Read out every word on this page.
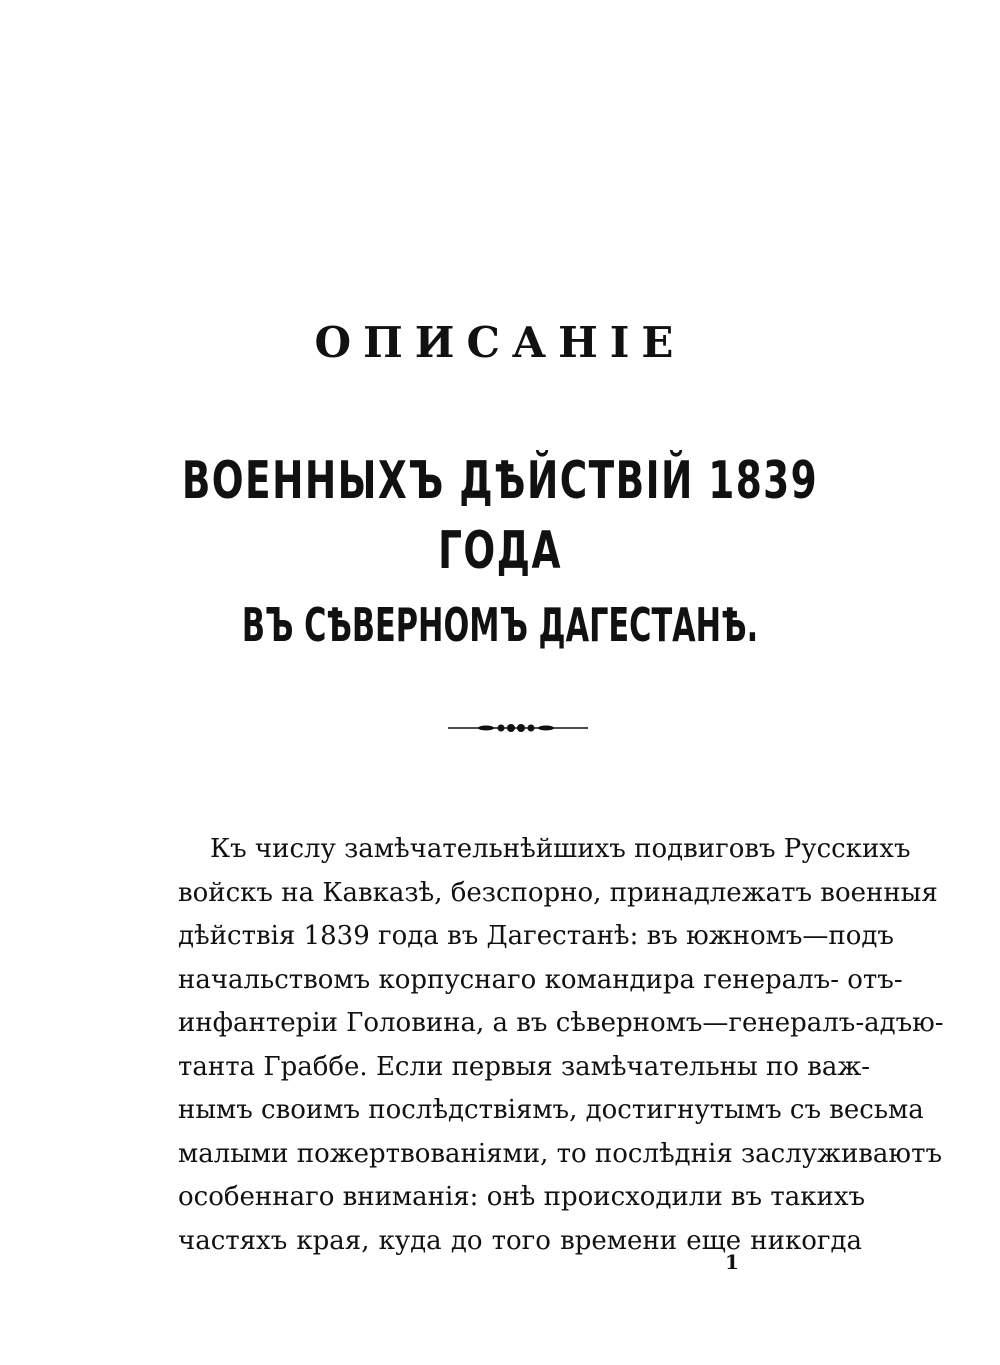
ОПИСАНІЕ
ВОЕННЫХЪ ДѢЙСТВІЙ 1839 ГОДА
ВЪ СѢВЕРНОМЪ ДАГЕСТАНѢ.
Къ числу замѣчательнѣйшихъ подвиговъ Русскихъ
войскъ на Кавказѣ, безспорно, принадлежатъ военныя
дѣйствія 1839 года въ Дагестанѣ: въ южномъ—подъ
начальствомъ корпуснаго командира генералъ- отъ-
инфантеріи Головина, а въ сѣверномъ—генералъ-адъю-
танта Граббе. Если первыя замѣчательны по важ-
нымъ своимъ послѣдствіямъ, достигнутымъ съ весьма
малыми пожертвованіями, то послѣднія заслуживаютъ
особеннаго вниманія: онѣ происходили въ такихъ
частяхъ края, куда до того времени еще никогда
1
